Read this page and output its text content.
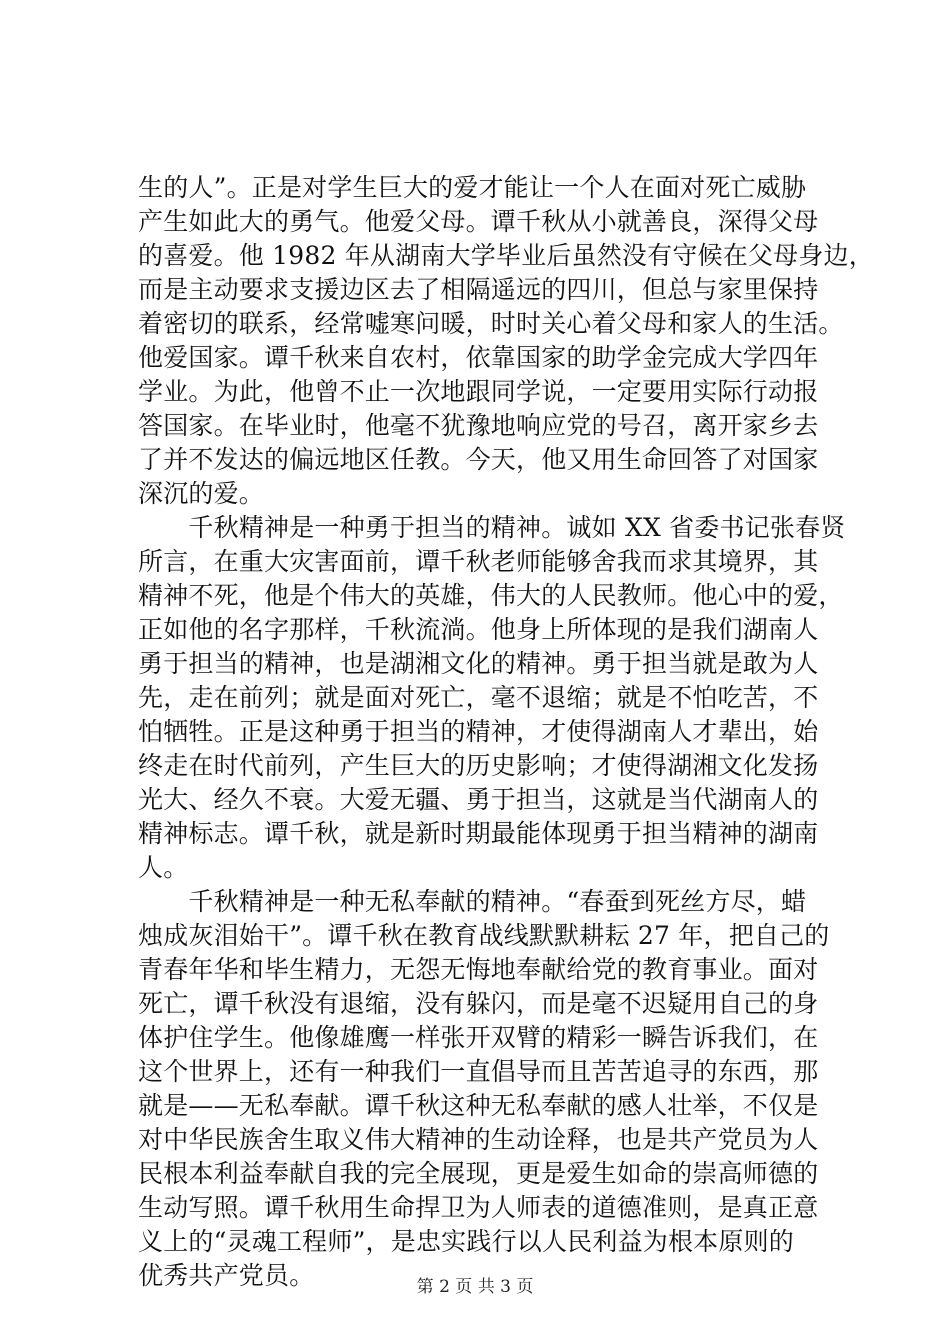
生的人”。正是对学生巨大的爱才能让一个人在面对死亡威胁
产生如此大的勇气。他爱父母。谭千秋从小就善良，深得父母
的喜爱。他 1982 年从湖南大学毕业后虽然没有守候在父母身边，
而是主动要求支援边区去了相隔遥远的四川，但总与家里保持
着密切的联系，经常嘘寒问暖，时时关心着父母和家人的生活。
他爱国家。谭千秋来自农村，依靠国家的助学金完成大学四年
学业。为此，他曾不止一次地跟同学说，一定要用实际行动报
答国家。在毕业时，他毫不犹豫地响应党的号召，离开家乡去
了并不发达的偏远地区任教。今天，他又用生命回答了对国家
深沉的爱。
　　千秋精神是一种勇于担当的精神。诚如 XX 省委书记张春贤
所言，在重大灾害面前，谭千秋老师能够舍我而求其境界，其
精神不死，他是个伟大的英雄，伟大的人民教师。他心中的爱，
正如他的名字那样，千秋流淌。他身上所体现的是我们湖南人
勇于担当的精神，也是湖湘文化的精神。勇于担当就是敢为人
先，走在前列；就是面对死亡，毫不退缩；就是不怕吃苦，不
怕牺牲。正是这种勇于担当的精神，才使得湖南人才辈出，始
终走在时代前列，产生巨大的历史影响；才使得湖湘文化发扬
光大、经久不衰。大爱无疆、勇于担当，这就是当代湖南人的
精神标志。谭千秋，就是新时期最能体现勇于担当精神的湖南
人。
　　千秋精神是一种无私奉献的精神。“春蚕到死丝方尽，蜡
烛成灰泪始干”。谭千秋在教育战线默默耕耘 27 年，把自己的
青春年华和毕生精力，无怨无悔地奉献给党的教育事业。面对
死亡，谭千秋没有退缩，没有躲闪，而是毫不迟疑用自己的身
体护住学生。他像雄鹰一样张开双臂的精彩一瞬告诉我们，在
这个世界上，还有一种我们一直倡导而且苦苦追寻的东西，那
就是——无私奉献。谭千秋这种无私奉献的感人壮举，不仅是
对中华民族舍生取义伟大精神的生动诠释，也是共产党员为人
民根本利益奉献自我的完全展现，更是爱生如命的崇高师德的
生动写照。谭千秋用生命捍卫为人师表的道德准则，是真正意
义上的“灵魂工程师”，是忠实践行以人民利益为根本原则的
优秀共产党员。	第 2 页 共 3 页
